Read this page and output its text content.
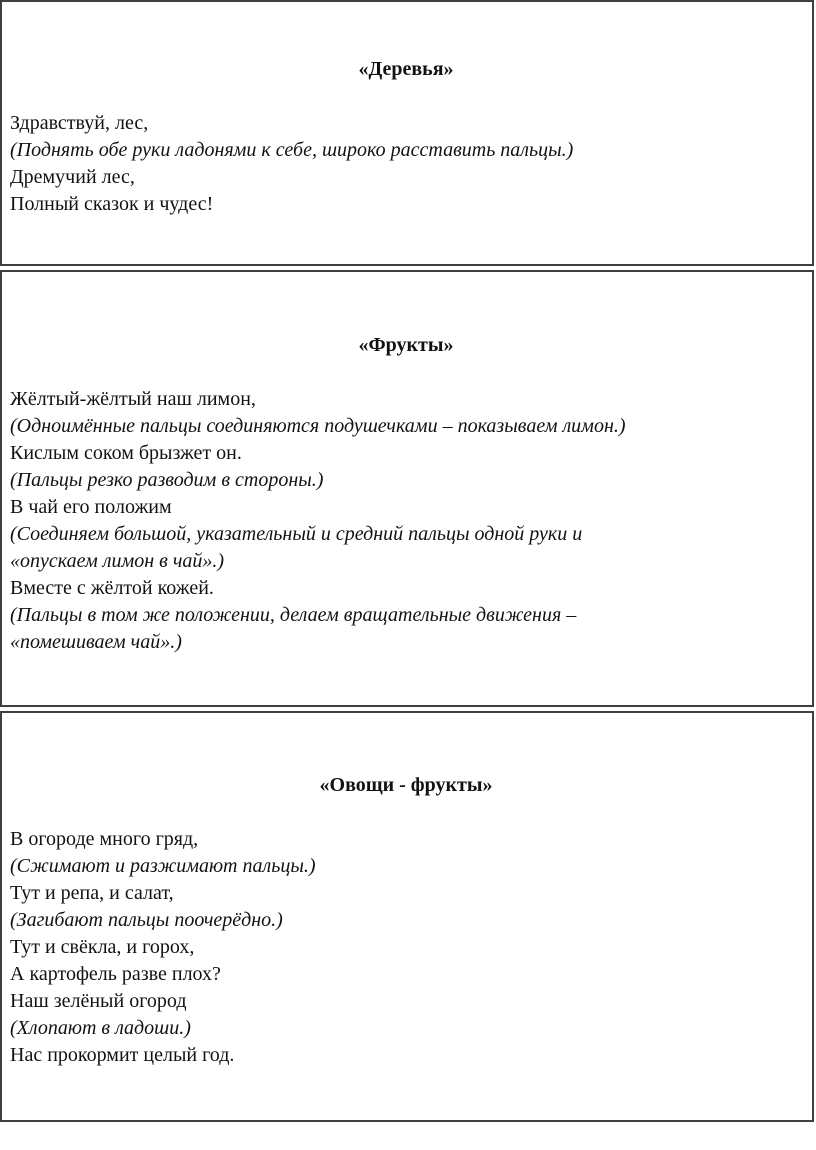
«Деревья»

Здравствуй, лес,

(Поднять обе руки ладонями к себе, широко расставить пальцы.)

Дремучий лес,

Полный сказок и чудес!

«Фрукты»

Жёлтый-жёлтый наш лимон,

(Одноимённые пальцы соединяются подушечками – показываем лимон.)

Кислым соком брызжет он.

(Пальцы резко разводим в стороны.)

В чай его положим

(Соединяем большой, указательный и средний пальцы одной руки и

«опускаем лимон в чай».)

Вместе с жёлтой кожей.

(Пальцы в том же положении, делаем вращательные движения –

«помешиваем чай».)

«Овощи - фрукты»

В огороде много гряд,

(Сжимают и разжимают пальцы.)

Тут и репа, и салат,

(Загибают пальцы поочерёдно.)

Тут и свёкла, и горох,

А картофель разве плох?

Наш зелёный огород

(Хлопают в ладоши.)

Нас прокормит целый год.
